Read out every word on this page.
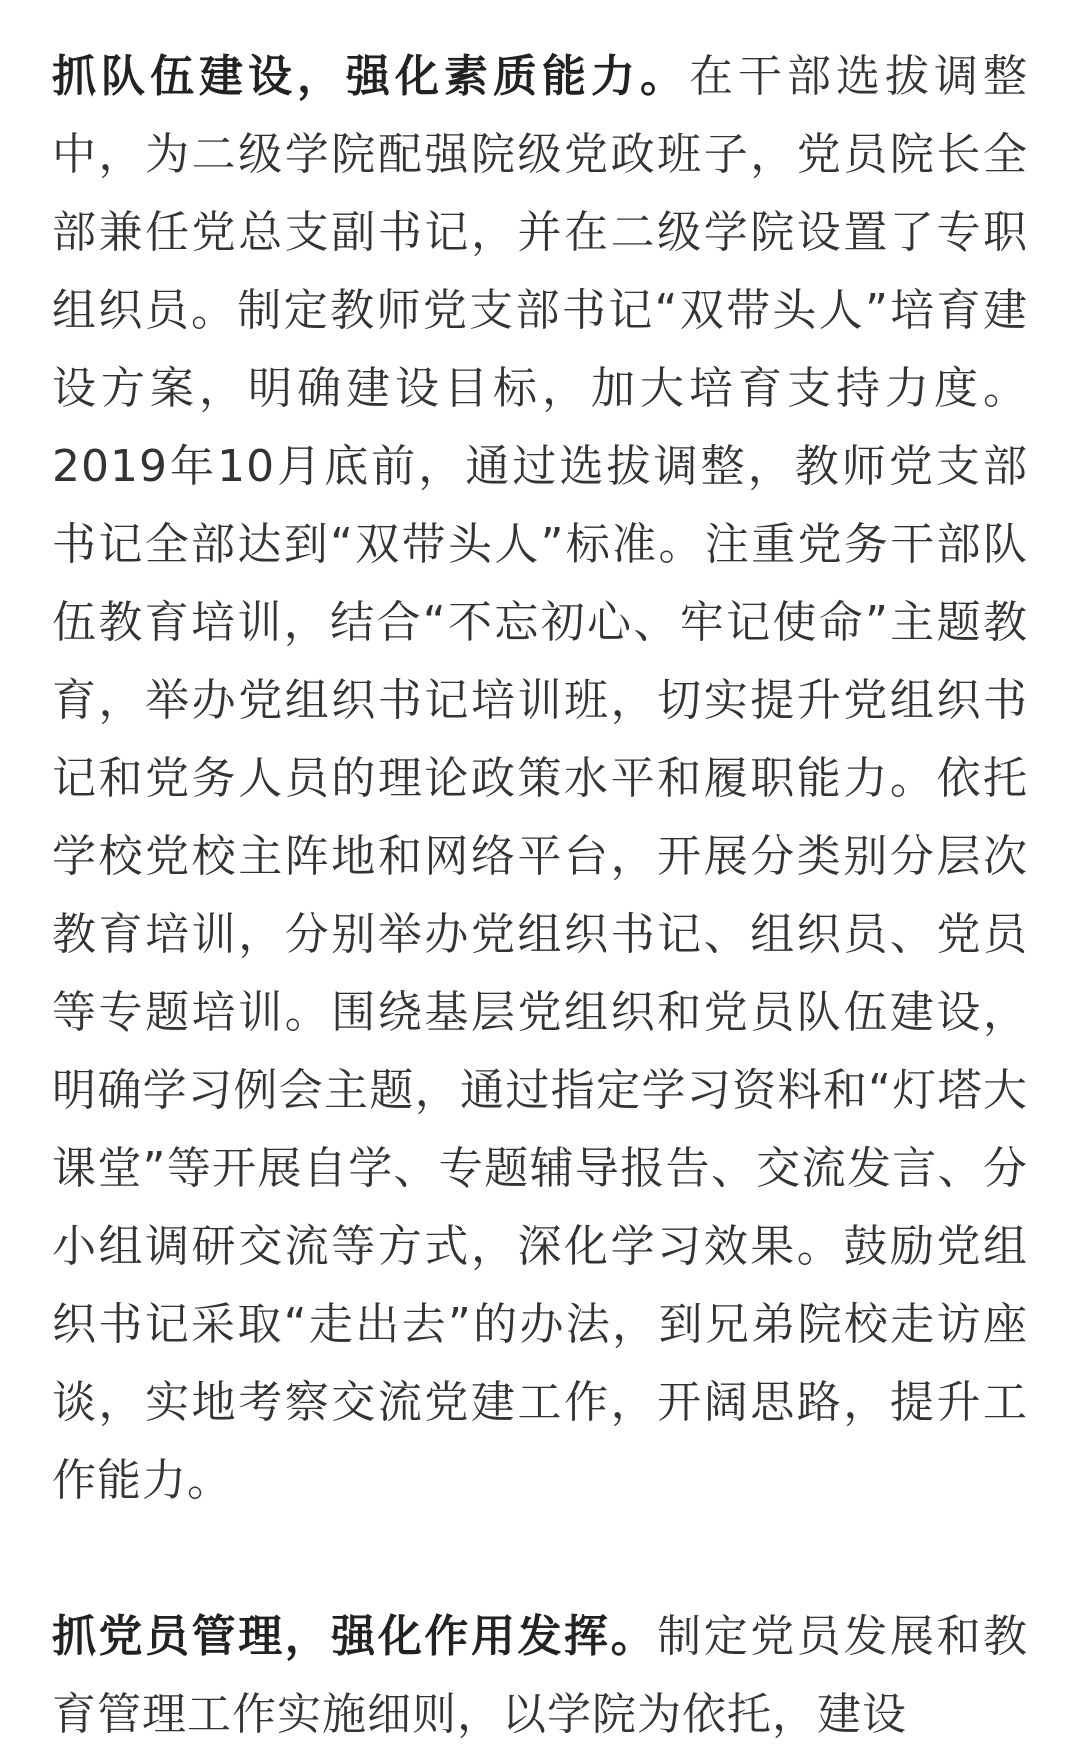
抓队伍建设，强化素质能力。在干部选拔调整中，为二级学院配强院级党政班子，党员院长全部兼任党总支副书记，并在二级学院设置了专职组织员。制定教师党支部书记“双带头人”培育建设方案，明确建设目标，加大培育支持力度。2019年10月底前，通过选拔调整，教师党支部书记全部达到“双带头人”标准。注重党务干部队伍教育培训，结合“不忘初心、牢记使命”主题教育，举办党组织书记培训班，切实提升党组织书记和党务人员的理论政策水平和履职能力。依托学校党校主阵地和网络平台，开展分类别分层次教育培训，分别举办党组织书记、组织员、党员等专题培训。围绕基层党组织和党员队伍建设，明确学习例会主题，通过指定学习资料和“灯塔大课堂”等开展自学、专题辅导报告、交流发言、分小组调研交流等方式，深化学习效果。鼓励党组织书记采取“走出去”的办法，到兄弟院校走访座谈，实地考察交流党建工作，开阔思路，提升工作能力。

抓党员管理，强化作用发挥。制定党员发展和教育管理工作实施细则，以学院为依托，建设
